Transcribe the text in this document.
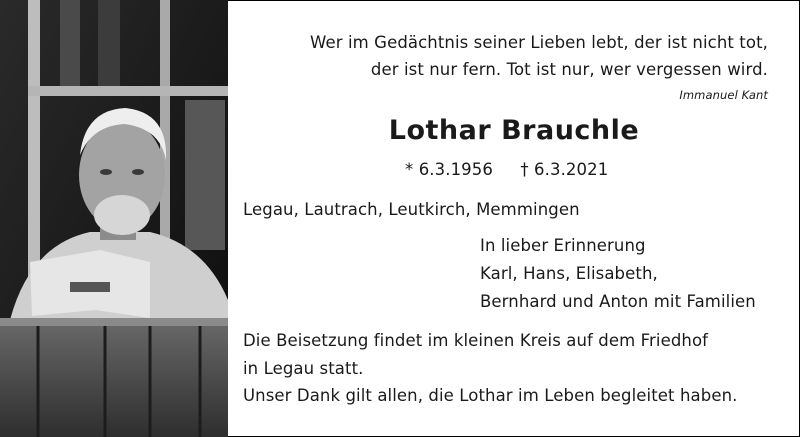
Wer im Gedächtnis seiner Lieben lebt, der ist nicht tot,
der ist nur fern. Tot ist nur, wer vergessen wird.
Immanuel Kant
Lothar Brauchle
* 6.3.1956 † 6.3.2021
Legau, Lautrach, Leutkirch, Memmingen
In lieber Erinnerung
Karl, Hans, Elisabeth,
Bernhard und Anton mit Familien
Die Beisetzung findet im kleinen Kreis auf dem Friedhof
in Legau statt.
Unser Dank gilt allen, die Lothar im Leben begleitet haben.
